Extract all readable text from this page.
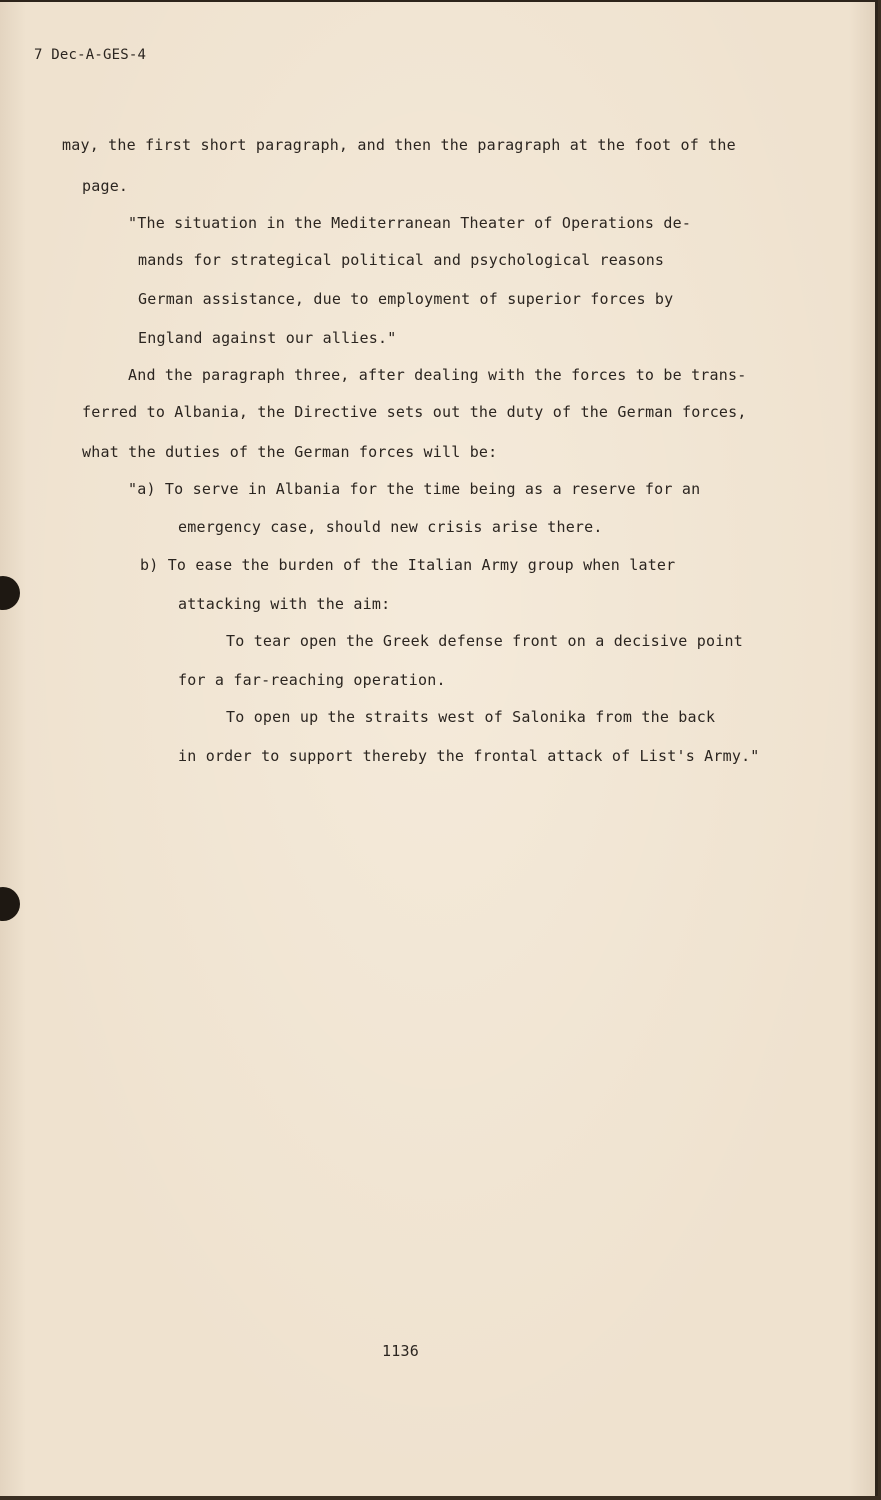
7 Dec-A-GES-4

may, the first short paragraph, and then the paragraph at the foot of the

page.

"The situation in the Mediterranean Theater of Operations de-

mands for strategical political and psychological reasons

German assistance, due to employment of superior forces by

England against our allies."

And the paragraph three, after dealing with the forces to be trans-

ferred to Albania, the Directive sets out the duty of the German forces,

what the duties of the German forces will be:

"a) To serve in Albania for the time being as a reserve for an

emergency case, should new crisis arise there.

b) To ease the burden of the Italian Army group when later

attacking with the aim:

To tear open the Greek defense front on a decisive point

for a far-reaching operation.

To open up the straits west of Salonika from the back

in order to support thereby the frontal attack of List's Army."

1136
